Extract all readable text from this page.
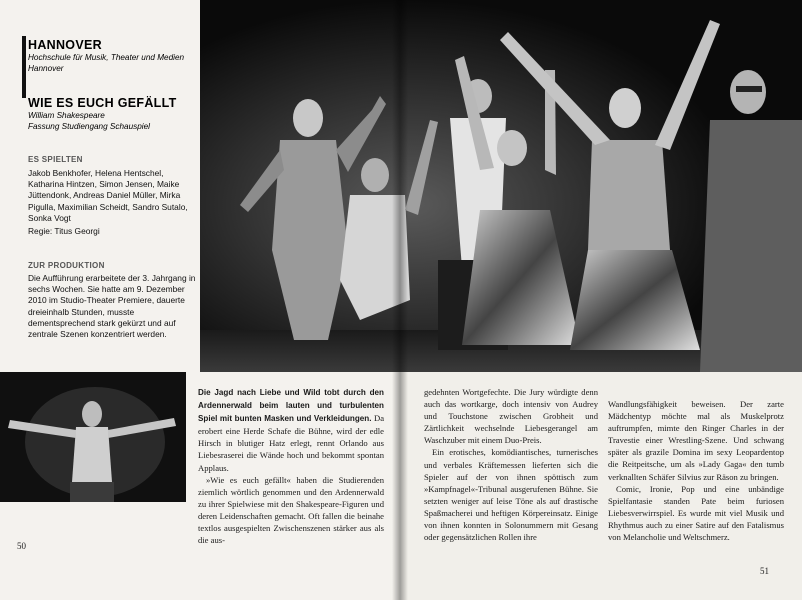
HANNOVER
Hochschule für Musik, Theater und Medien Hannover
WIE ES EUCH GEFÄLLT
William Shakespeare
Fassung Studiengang Schauspiel
ES SPIELTEN
Jakob Benkhofer, Helena Hentschel, Katharina Hintzen, Simon Jensen, Maike Jüttendonk, Andreas Daniel Müller, Mirka Pigulla, Maximilian Scheidt, Sandro Sutalo, Sonka Vogt
Regie: Titus Georgi
ZUR PRODUKTION
Die Aufführung erarbeitete der 3. Jahrgang in sechs Wochen. Sie hatte am 9. Dezember 2010 im Studio-Theater Premiere, dauerte dreieinhalb Stunden, musste dementsprechend stark gekürzt und auf zentrale Szenen konzentriert werden.

Die Jagd nach Liebe und Wild tobt durch den Ardennerwald beim lauten und turbulenten Spiel mit bunten Masken und Verkleidungen. Da erobert eine Herde Schafe die Bühne, wird der edle Hirsch in blutiger Hatz erlegt, rennt Orlando aus Liebesraserei die Wände hoch und bekommt spontan Applaus.

»Wie es euch gefällt« haben die Studierenden ziemlich wörtlich genommen und den Ardennerwald zu ihrer Spielwiese mit den Shakespeare-Figuren und deren Leidenschaften gemacht. Oft fallen die beinahe textlos ausgespielten Zwischenszenen stärker aus als die aus-

50

gedehnten Wortgefechte. Die Jury würdigte denn auch das wortkarge, doch intensiv von Audrey und Touchstone zwischen Grobheit und Zärtlichkeit wechselnde Liebesgerangel am Waschzuber mit einem Duo-Preis.

Ein erotisches, komödiantisches, turnerisches und verbales Kräftemessen lieferten sich die Spieler auf der von ihnen spöttisch zum »Kampfnagel«-Tribunal ausgerufenen Bühne. Sie setzten weniger auf leise Töne als auf drastische Spaßmacherei und heftigen Körpereinsatz. Einige von ihnen konnten in Solonummern mit Gesang oder gegensätzlichen Rollen ihre

Wandlungsfähigkeit beweisen. Der zarte Mädchentyp möchte mal als Muskelprotz auftrumpfen, mimte den Ringer Charles in der Travestie einer Wrestling-Szene. Und schwang später als grazile Domina im sexy Leopardentop die Reitpeitsche, um als »Lady Gaga« den tumb verknallten Schäfer Silvius zur Räson zu bringen.

Comic, Ironie, Pop und eine unbändige Spielfantasie standen Pate beim furiosen Liebesverwirrspiel. Es wurde mit viel Musik und Rhythmus auch zu einer Satire auf den Fatalismus von Melancholie und Weltschmerz.

51
